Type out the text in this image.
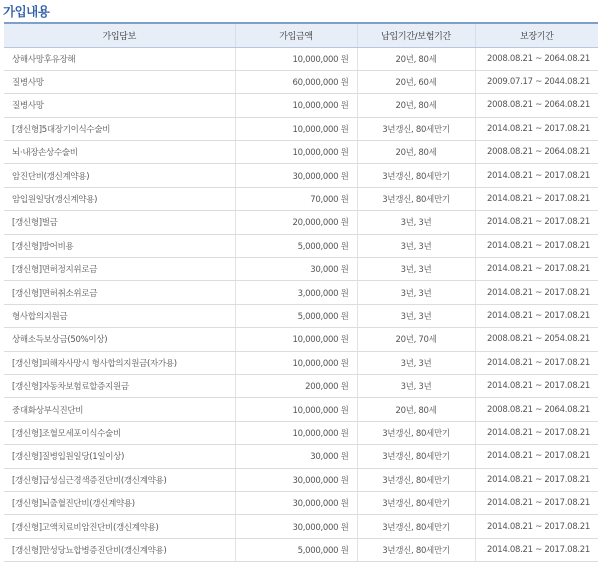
가입내용
가입담보	가입금액	납입기간/보험기간	보장기간
상해사망후유장해	10,000,000 원	20년, 80세	2008.08.21 ~ 2064.08.21
질병사망	60,000,000 원	20년, 60세	2009.07.17 ~ 2044.08.21
질병사망	10,000,000 원	20년, 80세	2008.08.21 ~ 2064.08.21
[갱신형]5대장기이식수술비	10,000,000 원	3년갱신, 80세만기	2014.08.21 ~ 2017.08.21
뇌·내장손상수술비	10,000,000 원	20년, 80세	2008.08.21 ~ 2064.08.21
암진단비(갱신계약용)	30,000,000 원	3년갱신, 80세만기	2014.08.21 ~ 2017.08.21
암입원일당(갱신계약용)	70,000 원	3년갱신, 80세만기	2014.08.21 ~ 2017.08.21
[갱신형]벌금	20,000,000 원	3년, 3년	2014.08.21 ~ 2017.08.21
[갱신형]방어비용	5,000,000 원	3년, 3년	2014.08.21 ~ 2017.08.21
[갱신형]면허정지위로금	30,000 원	3년, 3년	2014.08.21 ~ 2017.08.21
[갱신형]면허취소위로금	3,000,000 원	3년, 3년	2014.08.21 ~ 2017.08.21
형사합의지원금	5,000,000 원	3년, 3년	2014.08.21 ~ 2017.08.21
상해소득보상금(50%이상)	10,000,000 원	20년, 70세	2008.08.21 ~ 2054.08.21
[갱신형]피해자사망시 형사합의지원금(자가용)	10,000,000 원	3년, 3년	2014.08.21 ~ 2017.08.21
[갱신형]자동차보험료할증지원금	200,000 원	3년, 3년	2014.08.21 ~ 2017.08.21
중대화상부식진단비	10,000,000 원	20년, 80세	2008.08.21 ~ 2064.08.21
[갱신형]조혈모세포이식수술비	10,000,000 원	3년갱신, 80세만기	2014.08.21 ~ 2017.08.21
[갱신형]질병입원일당(1일이상)	30,000 원	3년갱신, 80세만기	2014.08.21 ~ 2017.08.21
[갱신형]급성심근경색증진단비(갱신계약용)	30,000,000 원	3년갱신, 80세만기	2014.08.21 ~ 2017.08.21
[갱신형]뇌출혈진단비(갱신계약용)	30,000,000 원	3년갱신, 80세만기	2014.08.21 ~ 2017.08.21
[갱신형]고액치료비암진단비(갱신계약용)	30,000,000 원	3년갱신, 80세만기	2014.08.21 ~ 2017.08.21
[갱신형]만성당뇨합병증진단비(갱신계약용)	5,000,000 원	3년갱신, 80세만기	2014.08.21 ~ 2017.08.21
